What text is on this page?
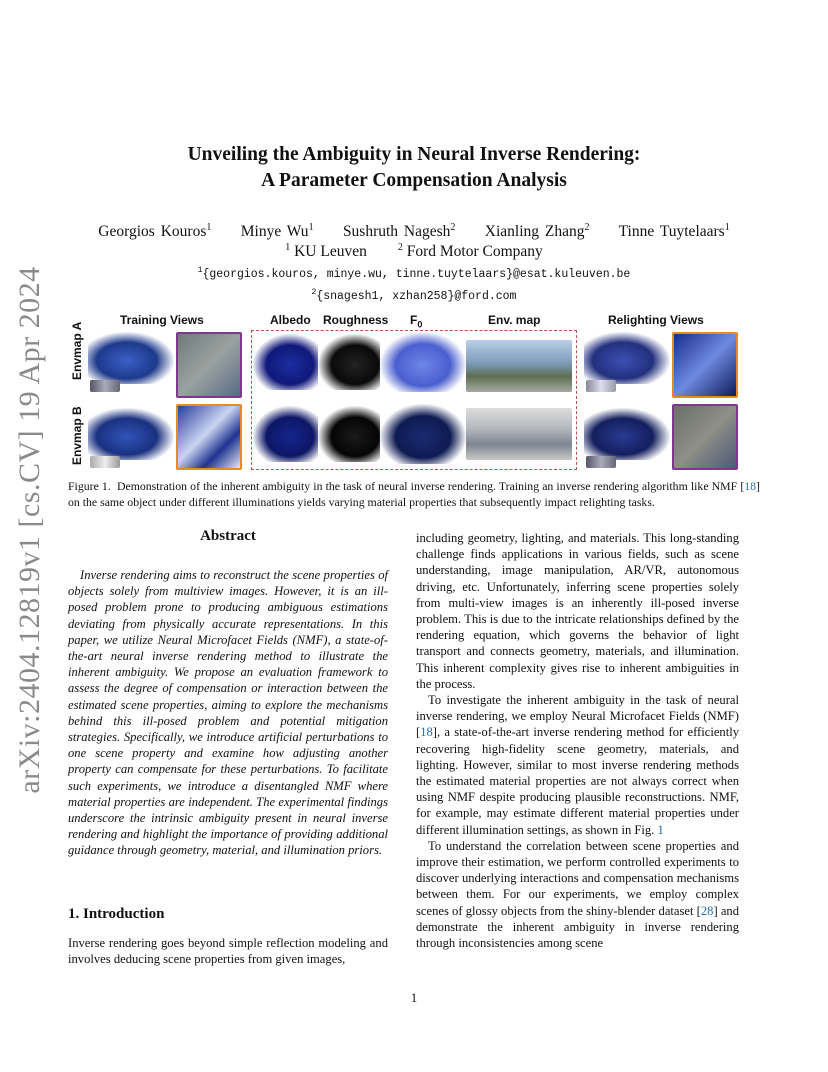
arXiv:2404.12819v1 [cs.CV] 19 Apr 2024
Unveiling the Ambiguity in Neural Inverse Rendering:
A Parameter Compensation Analysis
Georgios Kouros$^1$ Minye Wu$^1$ Sushruth Nagesh$^2$ Xianling Zhang$^2$ Tinne Tuytelaars$^1$
$^1$ KU Leuven	$^2$ Ford Motor Company
$^1${georgios.kouros, minye.wu, tinne.tuytelaars}@esat.kuleuven.be
$^2${snagesh1, xzhan258}@ford.com
Training Views	Albedo Roughness $F_0$	Env. map	Relighting Views
Envmap A
Envmap B
Figure 1. Demonstration of the inherent ambiguity in the task of neural inverse rendering. Training an inverse rendering algorithm like NMF [18] on the same object under different illuminations yields varying material properties that subsequently impact relighting tasks.
Abstract
Inverse rendering aims to reconstruct the scene properties of objects solely from multiview images. However, it is an ill-posed problem prone to producing ambiguous estimations deviating from physically accurate representations. In this paper, we utilize Neural Microfacet Fields (NMF), a state-of-the-art neural inverse rendering method to illustrate the inherent ambiguity. We propose an evaluation framework to assess the degree of compensation or interaction between the estimated scene properties, aiming to explore the mechanisms behind this ill-posed problem and potential mitigation strategies. Specifically, we introduce artificial perturbations to one scene property and examine how adjusting another property can compensate for these perturbations. To facilitate such experiments, we introduce a disentangled NMF where material properties are independent. The experimental findings underscore the intrinsic ambiguity present in neural inverse rendering and highlight the importance of providing additional guidance through geometry, material, and illumination priors.
1. Introduction
Inverse rendering goes beyond simple reflection modeling and involves deducing scene properties from given images,
including geometry, lighting, and materials. This long-standing challenge finds applications in various fields, such as scene understanding, image manipulation, AR/VR, autonomous driving, etc. Unfortunately, inferring scene properties solely from multi-view images is an inherently ill-posed inverse problem. This is due to the intricate relationships defined by the rendering equation, which governs the behavior of light transport and connects geometry, materials, and illumination. This inherent complexity gives rise to inherent ambiguities in the process.
To investigate the inherent ambiguity in the task of neural inverse rendering, we employ Neural Microfacet Fields (NMF) [18], a state-of-the-art inverse rendering method for efficiently recovering high-fidelity scene geometry, materials, and lighting. However, similar to most inverse rendering methods the estimated material properties are not always correct when using NMF despite producing plausible reconstructions. NMF, for example, may estimate different material properties under different illumination settings, as shown in Fig. 1
To understand the correlation between scene properties and improve their estimation, we perform controlled experiments to discover underlying interactions and compensation mechanisms between them. For our experiments, we employ complex scenes of glossy objects from the shiny-blender dataset [28] and demonstrate the inherent ambiguity in inverse rendering through inconsistencies among scene
1
